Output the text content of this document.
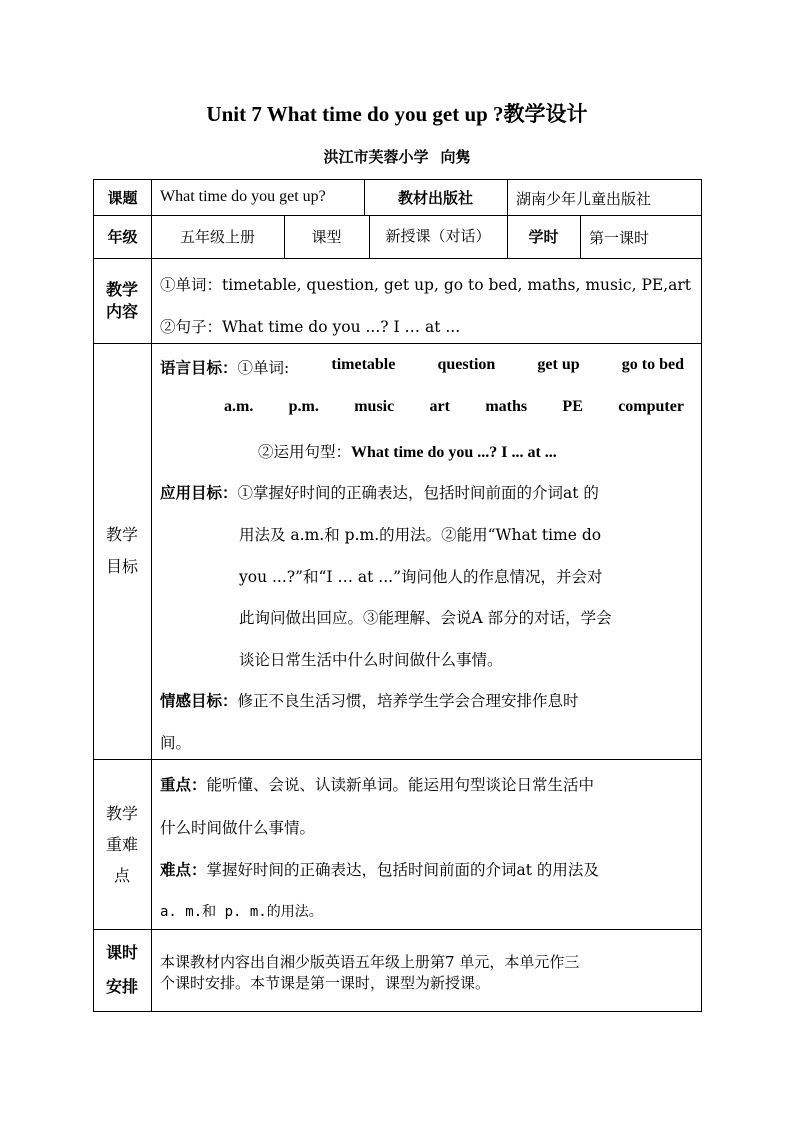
Unit 7 What time do you get up ?教学设计
洪江市芙蓉小学 向隽
课题	What time do you get up?	教材出版社	湖南少年儿童出版社
年级	五年级上册	课型	新授课（对话）	学时	第一课时
教学内容
①单词：timetable, question, get up, go to bed, maths, music, PE,art
②句子：What time do you ...? I … at ...
教学目标
语言目标：①单词:	timetable	question	get up	go to bed
a.m. p.m. music art maths PE computer
②运用句型：What time do you ...? I ... at ...
应用目标：①掌握好时间的正确表达，包括时间前面的介词at 的
用法及 a.m.和 p.m.的用法。②能用“What time do
you ...?”和“I … at ...”询问他人的作息情况，并会对
此询问做出回应。③能理解、会说A 部分的对话，学会
谈论日常生活中什么时间做什么事情。
情感目标：修正不良生活习惯，培养学生学会合理安排作息时
间。
教学重难点
重点：能听懂、会说、认读新单词。能运用句型谈论日常生活中
什么时间做什么事情。
难点：掌握好时间的正确表达，包括时间前面的介词at 的用法及
a. m.和 p. m.的用法。
课时安排
本课教材内容出自湘少版英语五年级上册第7 单元，本单元作三
个课时安排。本节课是第一课时，课型为新授课。
